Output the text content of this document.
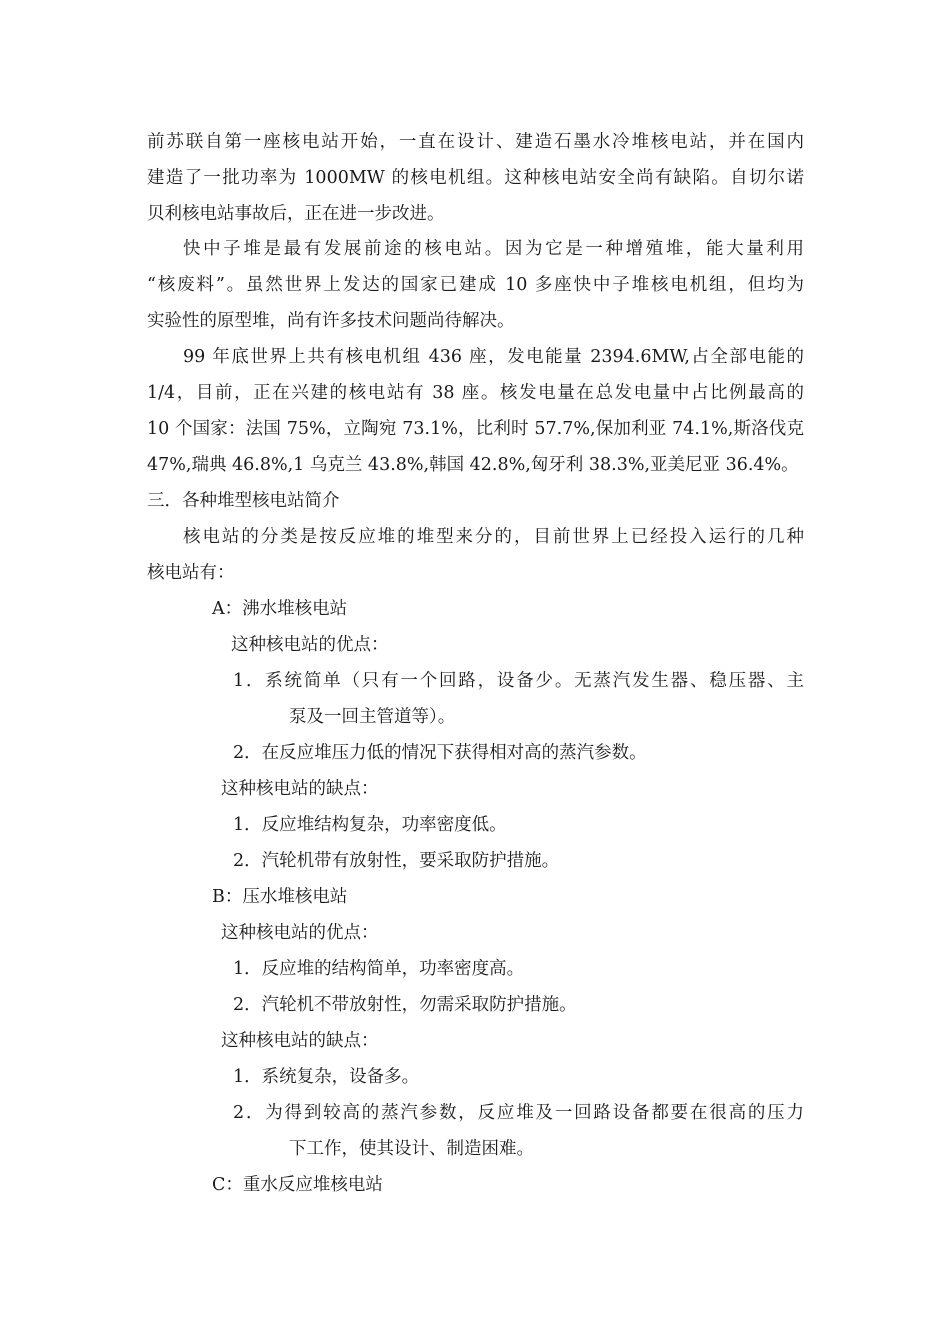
前苏联自第一座核电站开始，一直在设计、建造石墨水冷堆核电站，并在国内
建造了一批功率为 1000MW 的核电机组。这种核电站安全尚有缺陷。自切尔诺
贝利核电站事故后，正在进一步改进。
快中子堆是最有发展前途的核电站。因为它是一种增殖堆，能大量利用
“核废料”。虽然世界上发达的国家已建成 10 多座快中子堆核电机组，但均为
实验性的原型堆，尚有许多技术问题尚待解决。
99 年底世界上共有核电机组 436 座，发电能量 2394.6MW,占全部电能的
1/4，目前，正在兴建的核电站有 38 座。核发电量在总发电量中占比例最高的
10 个国家：法国 75%，立陶宛 73.1%，比利时 57.7%,保加利亚 74.1%,斯洛伐克
47%,瑞典 46.8%,1 乌克兰 43.8%,韩国 42.8%,匈牙利 38.3%,亚美尼亚 36.4%。
三．各种堆型核电站简介
核电站的分类是按反应堆的堆型来分的，目前世界上已经投入运行的几种
核电站有：
A：沸水堆核电站
这种核电站的优点：
1．系统简单（只有一个回路，设备少。无蒸汽发生器、稳压器、主
泵及一回主管道等）。
2．在反应堆压力低的情况下获得相对高的蒸汽参数。
这种核电站的缺点：
1．反应堆结构复杂，功率密度低。
2．汽轮机带有放射性，要采取防护措施。
B：压水堆核电站
这种核电站的优点：
1．反应堆的结构简单，功率密度高。
2．汽轮机不带放射性，勿需采取防护措施。
这种核电站的缺点：
1．系统复杂，设备多。
2．为得到较高的蒸汽参数，反应堆及一回路设备都要在很高的压力
下工作，使其设计、制造困难。
C：重水反应堆核电站
